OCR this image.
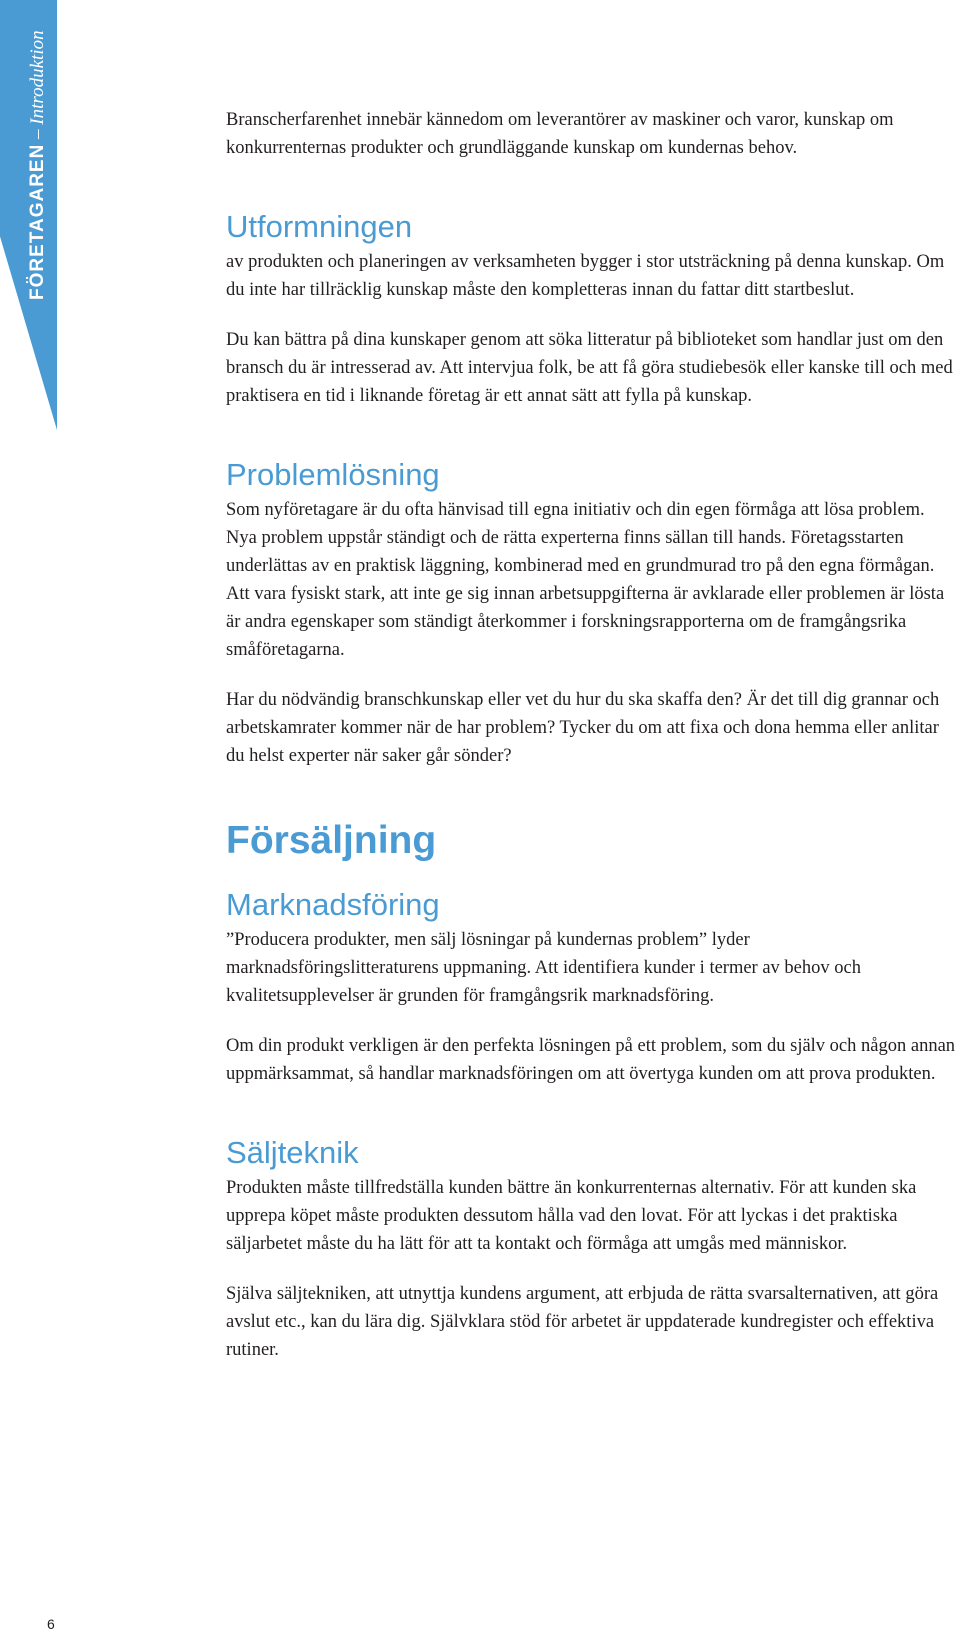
FÖRETAGAREN – Introduktion	Branscherfarenhet innebär kännedom om leverantörer av maskiner och varor, kunskap om konkurrenternas produkter och grundläggande kunskap om kundernas behov.

Utformningen

av produkten och planeringen av verksamheten bygger i stor utsträckning på denna kunskap. Om du inte har tillräcklig kunskap måste den kompletteras innan du fattar ditt startbeslut.

Du kan bättra på dina kunskaper genom att söka litteratur på biblioteket som handlar just om den bransch du är intresserad av. Att intervjua folk, be att få göra studiebesök eller kanske till och med praktisera en tid i liknande företag är ett annat sätt att fylla på kunskap.

Problemlösning

Som nyföretagare är du ofta hänvisad till egna initiativ och din egen förmåga att lösa problem. Nya problem uppstår ständigt och de rätta experterna finns sällan till hands. Företagsstarten underlättas av en praktisk läggning, kombinerad med en grundmurad tro på den egna förmågan. Att vara fysiskt stark, att inte ge sig innan arbetsuppgifterna är avklarade eller problemen är lösta är andra egenskaper som ständigt återkommer i forskningsrapporterna om de framgångsrika småföretagarna.

Har du nödvändig branschkunskap eller vet du hur du ska skaffa den? Är det till dig grannar och arbetskamrater kommer när de har problem? Tycker du om att fixa och dona hemma eller anlitar du helst experter när saker går sönder?

Försäljning
Marknadsföring

”Producera produkter, men sälj lösningar på kundernas problem” lyder marknadsföringslitteraturens uppmaning. Att identifiera kunder i termer av behov och kvalitetsupplevelser är grunden för framgångsrik marknadsföring.

Om din produkt verkligen är den perfekta lösningen på ett problem, som du själv och någon annan uppmärksammat, så handlar marknadsföringen om att övertyga kunden om att prova produkten.

Säljteknik

Produkten måste tillfredställa kunden bättre än konkurrenternas alternativ. För att kunden ska upprepa köpet måste produkten dessutom hålla vad den lovat. För att lyckas i det praktiska säljarbetet måste du ha lätt för att ta kontakt och förmåga att umgås med människor.

Själva säljtekniken, att utnyttja kundens argument, att erbjuda de rätta svarsalternativen, att göra avslut etc., kan du lära dig. Självklara stöd för arbetet är uppdaterade kundregister och effektiva rutiner.

6
